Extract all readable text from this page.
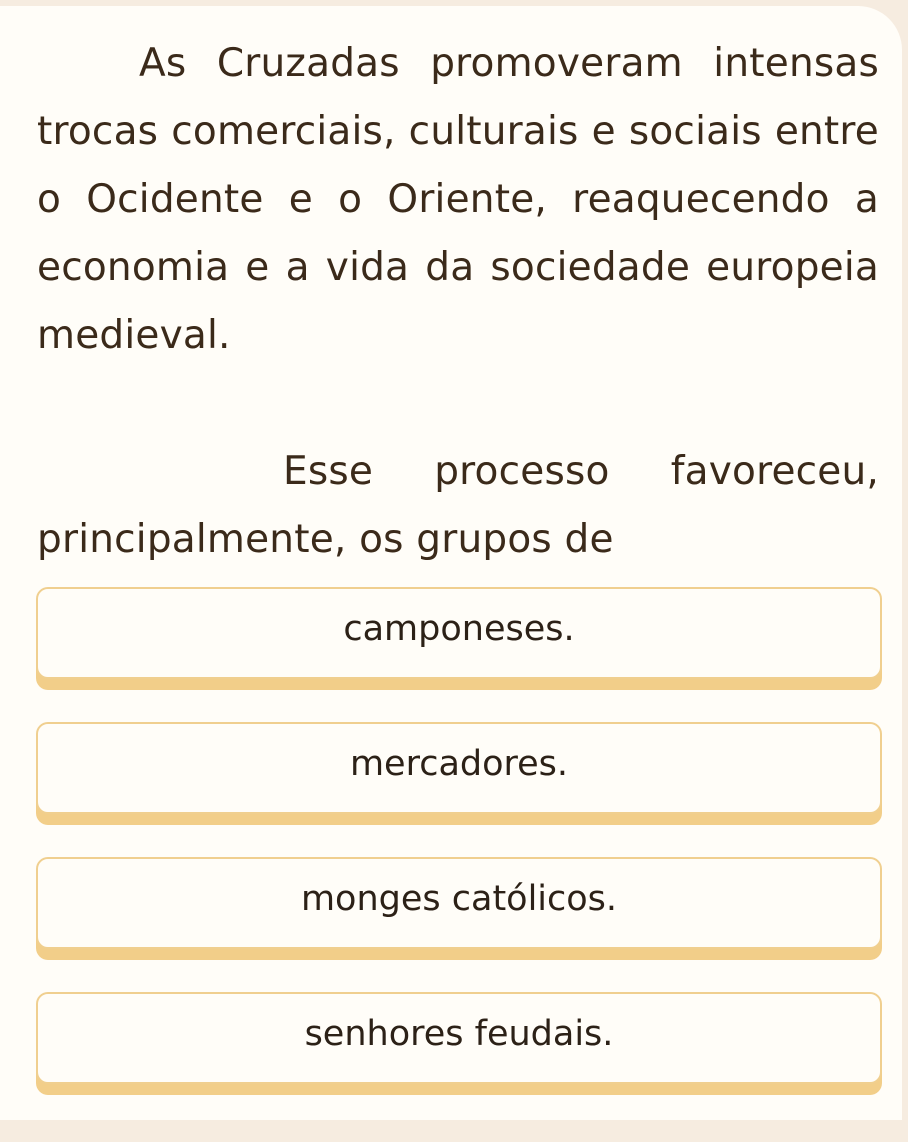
As Cruzadas promoveram intensas trocas comerciais, culturais e sociais entre o Ocidente e o Oriente, reaquecendo a economia e a vida da sociedade europeia medieval.

Esse processo favoreceu, principalmente, os grupos de

camponeses.
mercadores.
monges católicos.
senhores feudais.
